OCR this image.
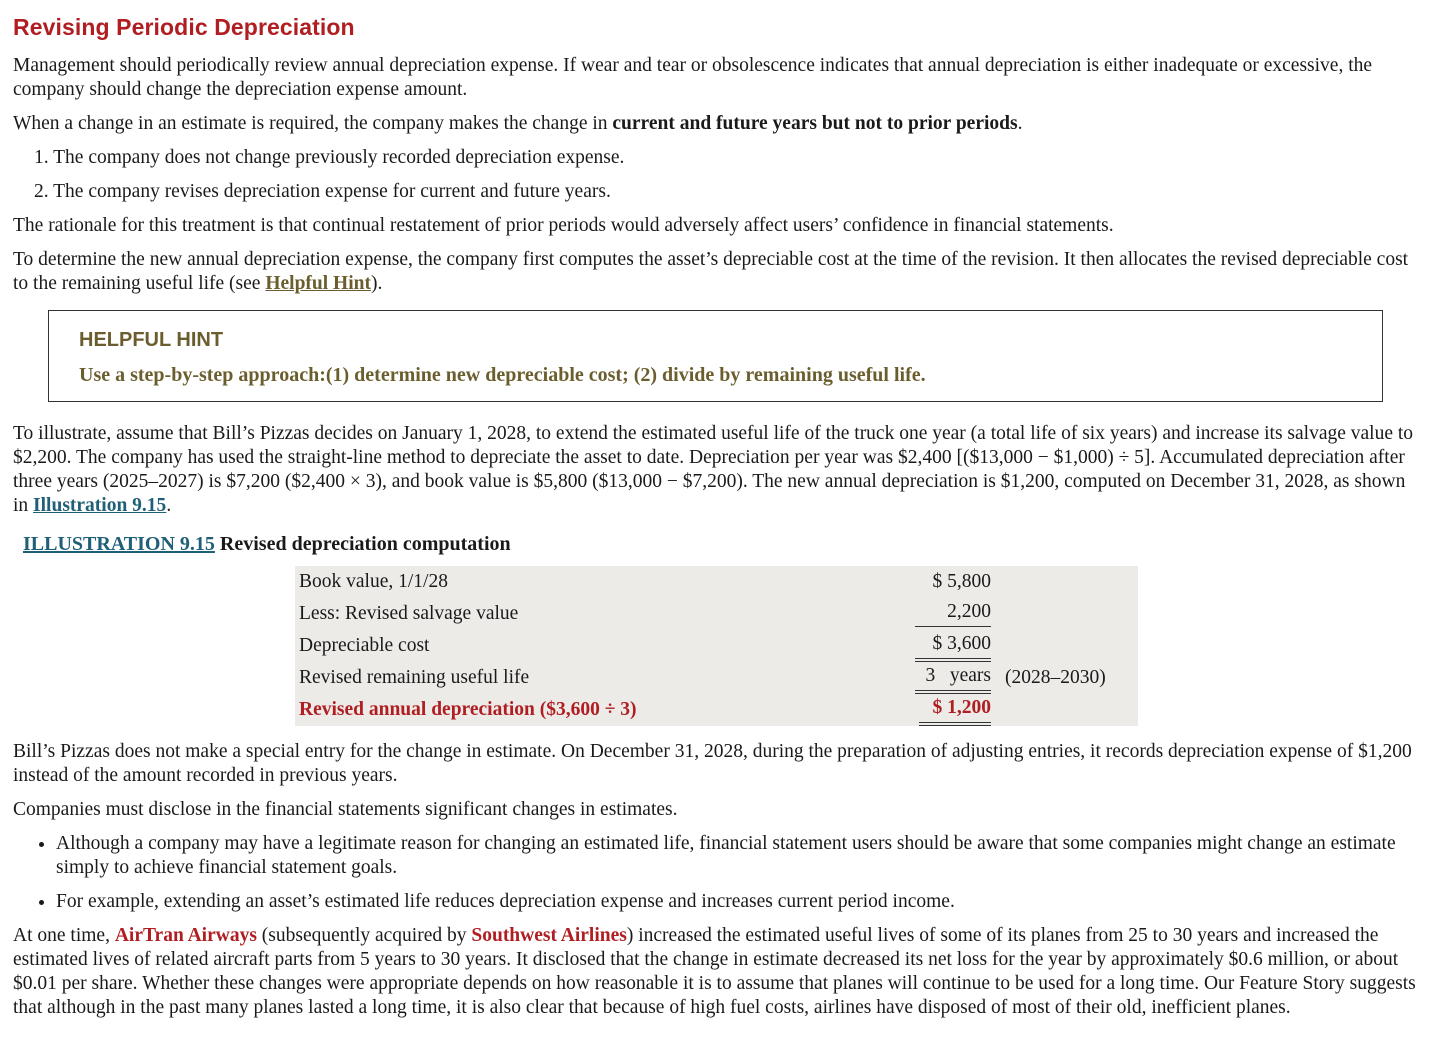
Revising Periodic Depreciation

Management should periodically review annual depreciation expense. If wear and tear or obsolescence indicates that annual depreciation is either inadequate or excessive, the company should change the depreciation expense amount.

When a change in an estimate is required, the company makes the change in current and future years but not to prior periods.

1. The company does not change previously recorded depreciation expense.
2. The company revises depreciation expense for current and future years.

The rationale for this treatment is that continual restatement of prior periods would adversely affect users’ confidence in financial statements.

To determine the new annual depreciation expense, the company first computes the asset’s depreciable cost at the time of the revision. It then allocates the revised depreciable cost to the remaining useful life (see Helpful Hint).

HELPFUL HINT
Use a step-by-step approach:(1) determine new depreciable cost; (2) divide by remaining useful life.

To illustrate, assume that Bill’s Pizzas decides on January 1, 2028, to extend the estimated useful life of the truck one year (a total life of six years) and increase its salvage value to $2,200. The company has used the straight-line method to depreciate the asset to date. Depreciation per year was $2,400 [($13,000 − $1,000) ÷ 5]. Accumulated depreciation after three years (2025–2027) is $7,200 ($2,400 × 3), and book value is $5,800 ($13,000 − $7,200). The new annual depreciation is $1,200, computed on December 31, 2028, as shown in Illustration 9.15.

ILLUSTRATION 9.15 Revised depreciation computation
Book value, 1/1/28	$ 5,800
Less: Revised salvage value	2,200
Depreciable cost	$ 3,600
Revised remaining useful life	3 years (2028–2030)
Revised annual depreciation ($3,600 ÷ 3)	$ 1,200

Bill’s Pizzas does not make a special entry for the change in estimate. On December 31, 2028, during the preparation of adjusting entries, it records depreciation expense of $1,200 instead of the amount recorded in previous years.

Companies must disclose in the financial statements significant changes in estimates.

• Although a company may have a legitimate reason for changing an estimated life, financial statement users should be aware that some companies might change an estimate simply to achieve financial statement goals.
• For example, extending an asset’s estimated life reduces depreciation expense and increases current period income.

At one time, AirTran Airways (subsequently acquired by Southwest Airlines) increased the estimated useful lives of some of its planes from 25 to 30 years and increased the estimated lives of related aircraft parts from 5 years to 30 years. It disclosed that the change in estimate decreased its net loss for the year by approximately $0.6 million, or about $0.01 per share. Whether these changes were appropriate depends on how reasonable it is to assume that planes will continue to be used for a long time. Our Feature Story suggests that although in the past many planes lasted a long time, it is also clear that because of high fuel costs, airlines have disposed of most of their old, inefficient planes.
